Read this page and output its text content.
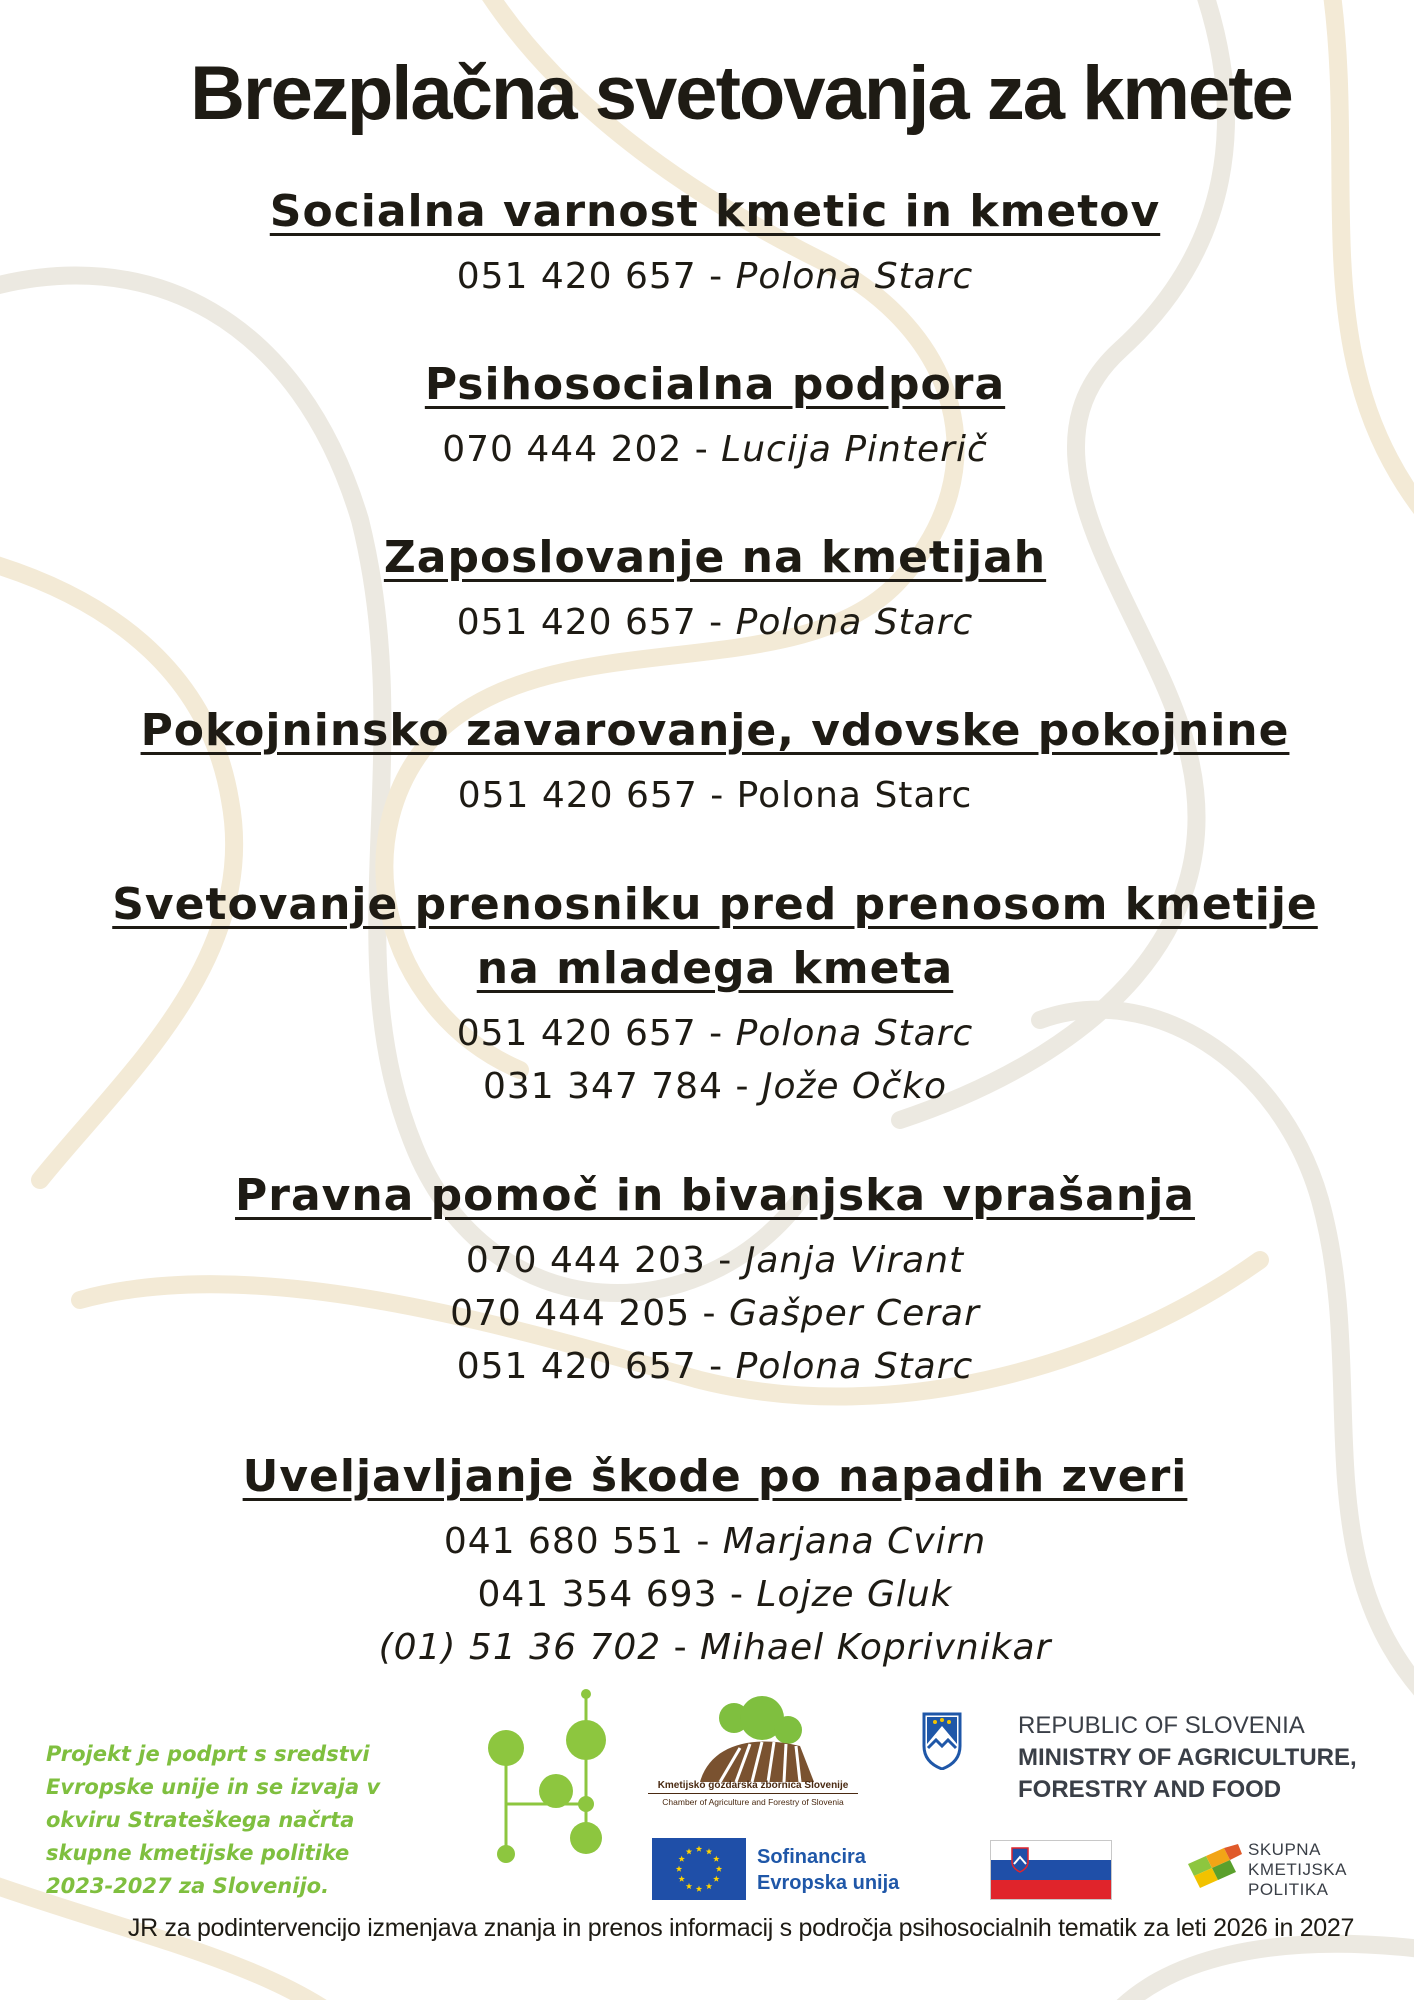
Brezplačna svetovanja za kmete
Socialna varnost kmetic in kmetov
051 420 657 - Polona Starc
Psihosocialna podpora
070 444 202 - Lucija Pinterič
Zaposlovanje na kmetijah
051 420 657 - Polona Starc
Pokojninsko zavarovanje, vdovske pokojnine
051 420 657 - Polona Starc
Svetovanje prenosniku pred prenosom kmetije
na mladega kmeta
051 420 657 - Polona Starc
031 347 784 - Jože Očko
Pravna pomoč in bivanjska vprašanja
070 444 203 - Janja Virant
070 444 205 - Gašper Cerar
051 420 657 - Polona Starc
Uveljavljanje škode po napadih zveri
041 680 551 - Marjana Cvirn
041 354 693 - Lojze Gluk
(01) 51 36 702 - Mihael Koprivnikar
Projekt je podprt s sredstvi Evropske unije in se izvaja v okviru Strateškega načrta skupne kmetijske politike 2023-2027 za Slovenijo.
Kmetijsko gozdarska zbornica Slovenije
Chamber of Agriculture and Forestry of Slovenia
REPUBLIC OF SLOVENIA
MINISTRY OF AGRICULTURE,
FORESTRY AND FOOD
Sofinancira
Evropska unija
SKUPNA
KMETIJSKA
POLITIKA
JR za podintervencijo izmenjava znanja in prenos informacij s področja psihosocialnih tematik za leti 2026 in 2027
